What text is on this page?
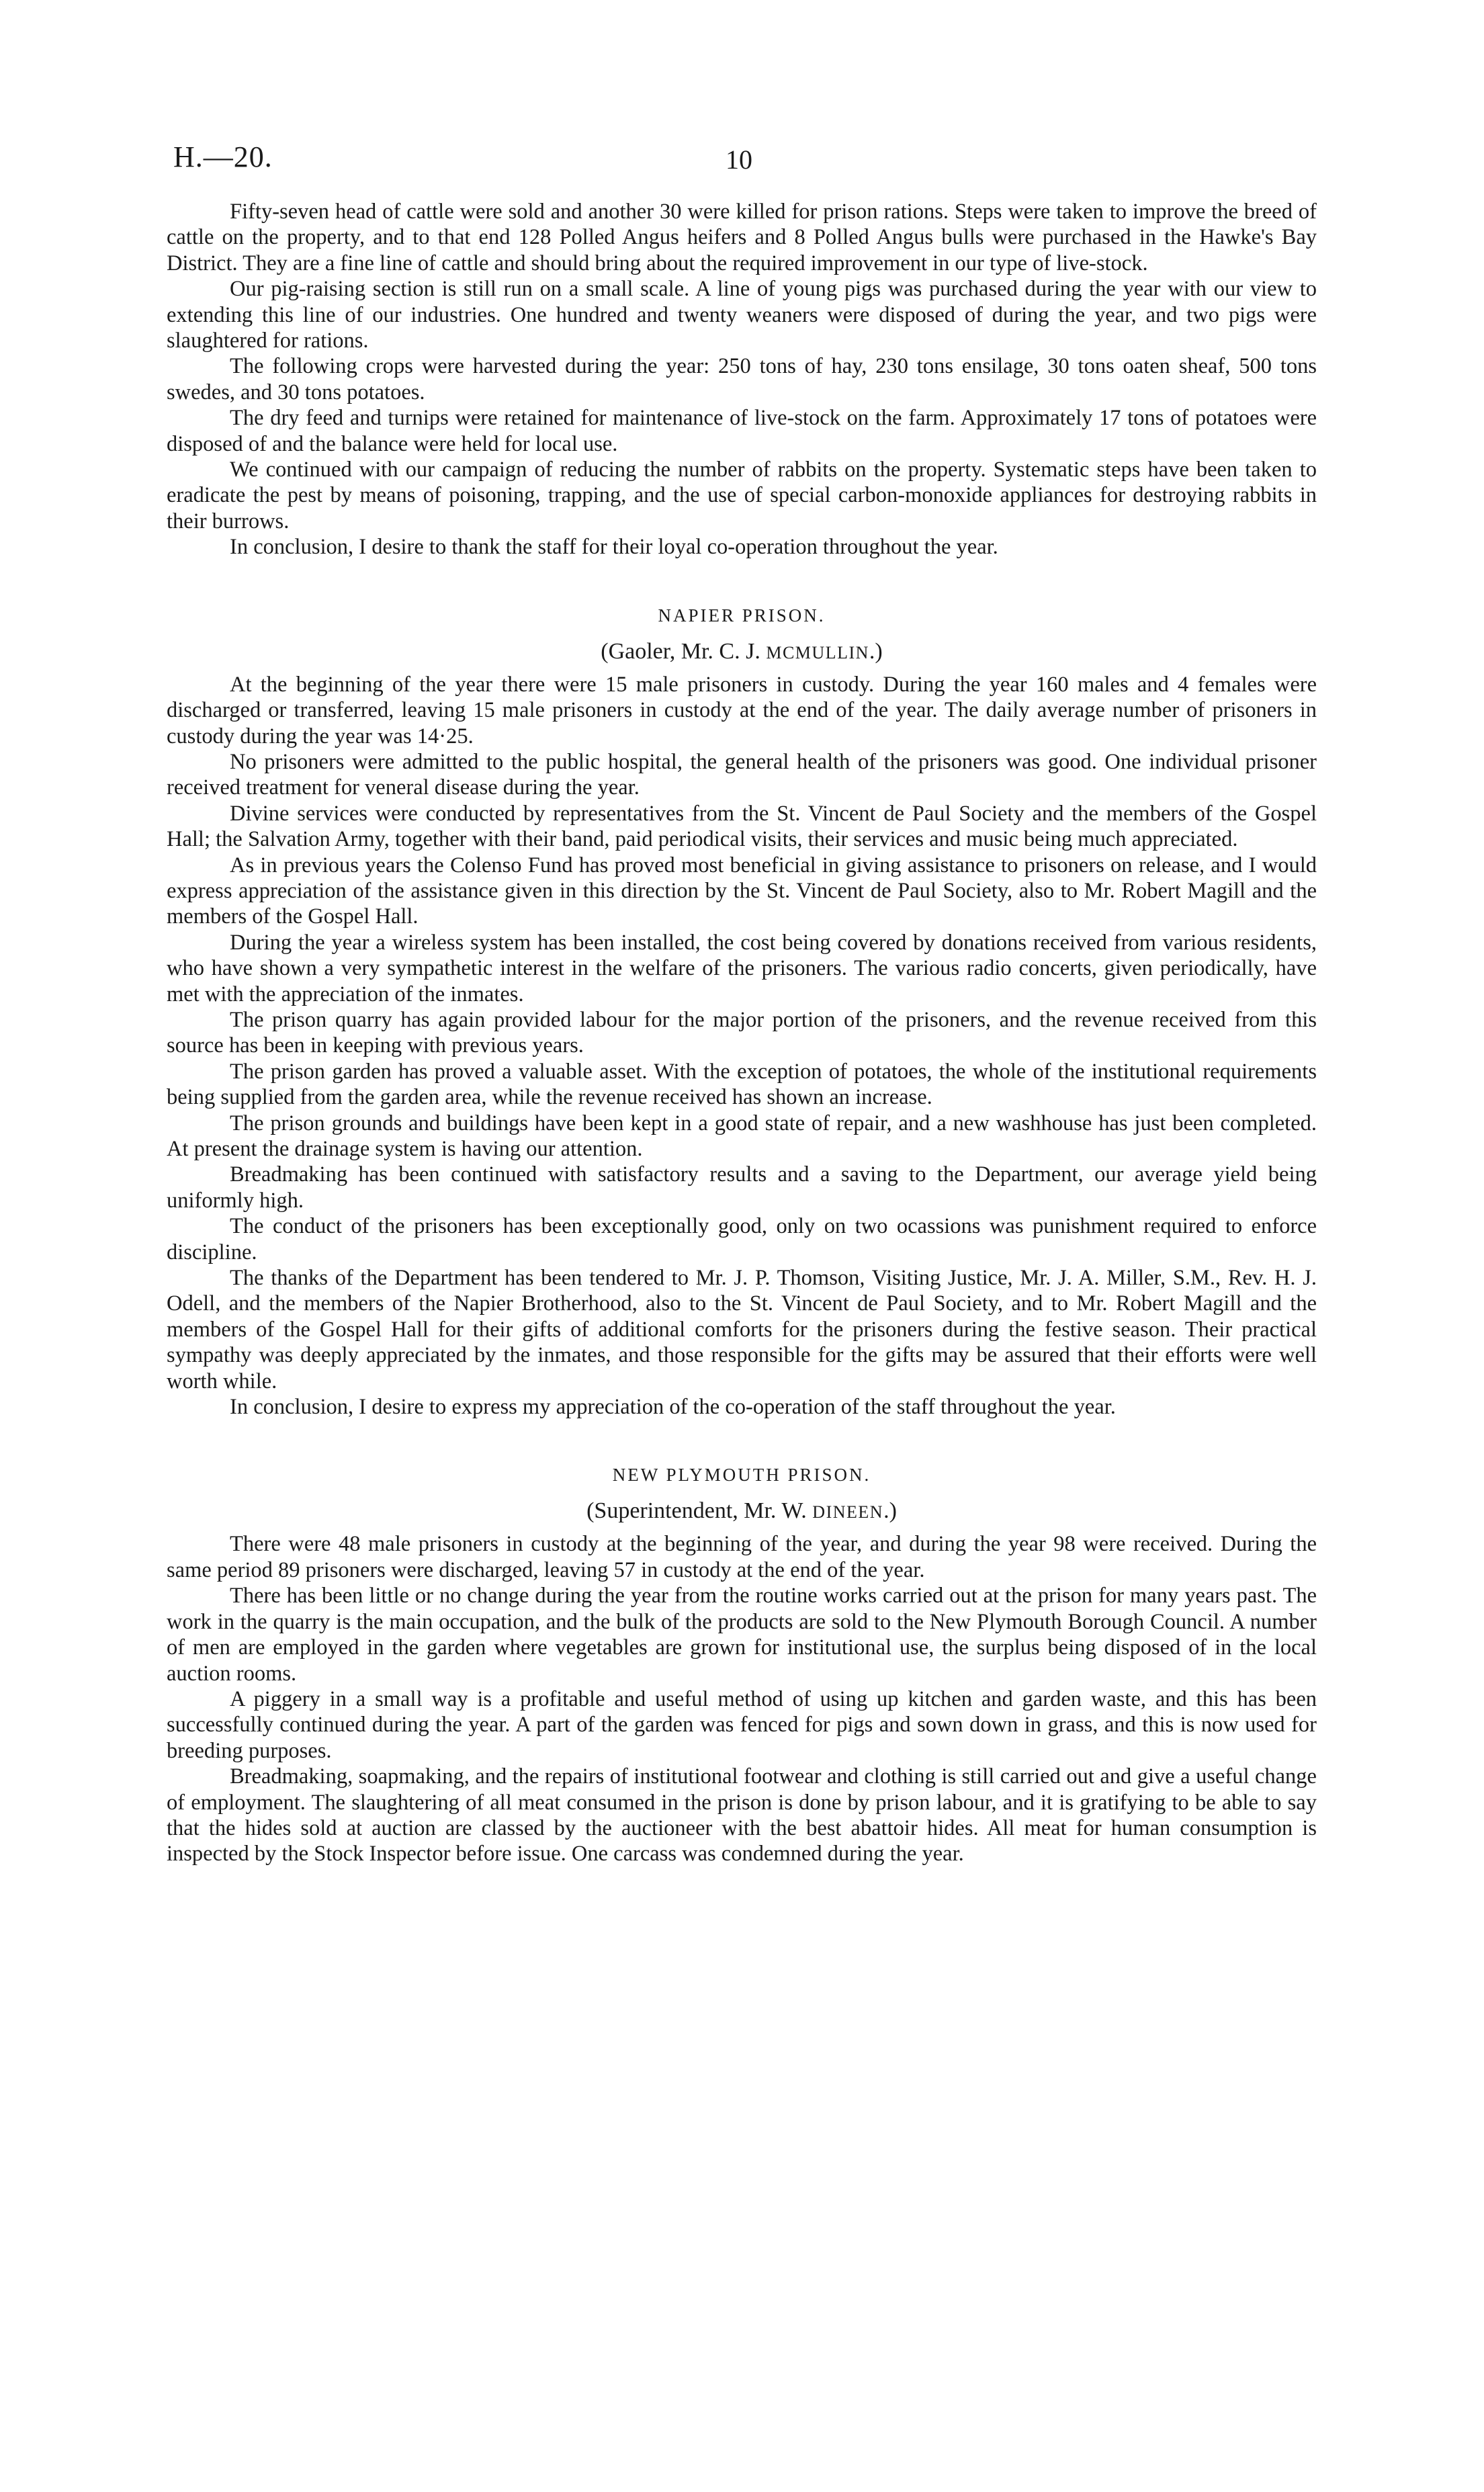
H.—20.	10

Fifty-seven head of cattle were sold and another 30 were killed for prison rations. Steps were taken to improve the breed of cattle on the property, and to that end 128 Polled Angus heifers and 8 Polled Angus bulls were purchased in the Hawke's Bay District. They are a fine line of cattle and should bring about the required improvement in our type of live-stock.

Our pig-raising section is still run on a small scale. A line of young pigs was purchased during the year with our view to extending this line of our industries. One hundred and twenty weaners were disposed of during the year, and two pigs were slaughtered for rations.

The following crops were harvested during the year: 250 tons of hay, 230 tons ensilage, 30 tons oaten sheaf, 500 tons swedes, and 30 tons potatoes.

The dry feed and turnips were retained for maintenance of live-stock on the farm. Approximately 17 tons of potatoes were disposed of and the balance were held for local use.

We continued with our campaign of reducing the number of rabbits on the property. Systematic steps have been taken to eradicate the pest by means of poisoning, trapping, and the use of special carbon-monoxide appliances for destroying rabbits in their burrows.

In conclusion, I desire to thank the staff for their loyal co-operation throughout the year.

NAPIER PRISON.
(Gaoler, Mr. C. J. MCMULLIN.)

At the beginning of the year there were 15 male prisoners in custody. During the year 160 males and 4 females were discharged or transferred, leaving 15 male prisoners in custody at the end of the year. The daily average number of prisoners in custody during the year was 14·25.

No prisoners were admitted to the public hospital, the general health of the prisoners was good. One individual prisoner received treatment for veneral disease during the year.

Divine services were conducted by representatives from the St. Vincent de Paul Society and the members of the Gospel Hall; the Salvation Army, together with their band, paid periodical visits, their services and music being much appreciated.

As in previous years the Colenso Fund has proved most beneficial in giving assistance to prisoners on release, and I would express appreciation of the assistance given in this direction by the St. Vincent de Paul Society, also to Mr. Robert Magill and the members of the Gospel Hall.

During the year a wireless system has been installed, the cost being covered by donations received from various residents, who have shown a very sympathetic interest in the welfare of the prisoners. The various radio concerts, given periodically, have met with the appreciation of the inmates.

The prison quarry has again provided labour for the major portion of the prisoners, and the revenue received from this source has been in keeping with previous years.

The prison garden has proved a valuable asset. With the exception of potatoes, the whole of the institutional requirements being supplied from the garden area, while the revenue received has shown an increase.

The prison grounds and buildings have been kept in a good state of repair, and a new washhouse has just been completed. At present the drainage system is having our attention.

Breadmaking has been continued with satisfactory results and a saving to the Department, our average yield being uniformly high.

The conduct of the prisoners has been exceptionally good, only on two ocassions was punishment required to enforce discipline.

The thanks of the Department has been tendered to Mr. J. P. Thomson, Visiting Justice, Mr. J. A. Miller, S.M., Rev. H. J. Odell, and the members of the Napier Brotherhood, also to the St. Vincent de Paul Society, and to Mr. Robert Magill and the members of the Gospel Hall for their gifts of additional comforts for the prisoners during the festive season. Their practical sympathy was deeply appreciated by the inmates, and those responsible for the gifts may be assured that their efforts were well worth while.

In conclusion, I desire to express my appreciation of the co-operation of the staff throughout the year.

NEW PLYMOUTH PRISON.
(Superintendent, Mr. W. DINEEN.)

There were 48 male prisoners in custody at the beginning of the year, and during the year 98 were received. During the same period 89 prisoners were discharged, leaving 57 in custody at the end of the year.

There has been little or no change during the year from the routine works carried out at the prison for many years past. The work in the quarry is the main occupation, and the bulk of the products are sold to the New Plymouth Borough Council. A number of men are employed in the garden where vegetables are grown for institutional use, the surplus being disposed of in the local auction rooms.

A piggery in a small way is a profitable and useful method of using up kitchen and garden waste, and this has been successfully continued during the year. A part of the garden was fenced for pigs and sown down in grass, and this is now used for breeding purposes.

Breadmaking, soapmaking, and the repairs of institutional footwear and clothing is still carried out and give a useful change of employment. The slaughtering of all meat consumed in the prison is done by prison labour, and it is gratifying to be able to say that the hides sold at auction are classed by the auctioneer with the best abattoir hides. All meat for human consumption is inspected by the Stock Inspector before issue. One carcass was condemned during the year.
